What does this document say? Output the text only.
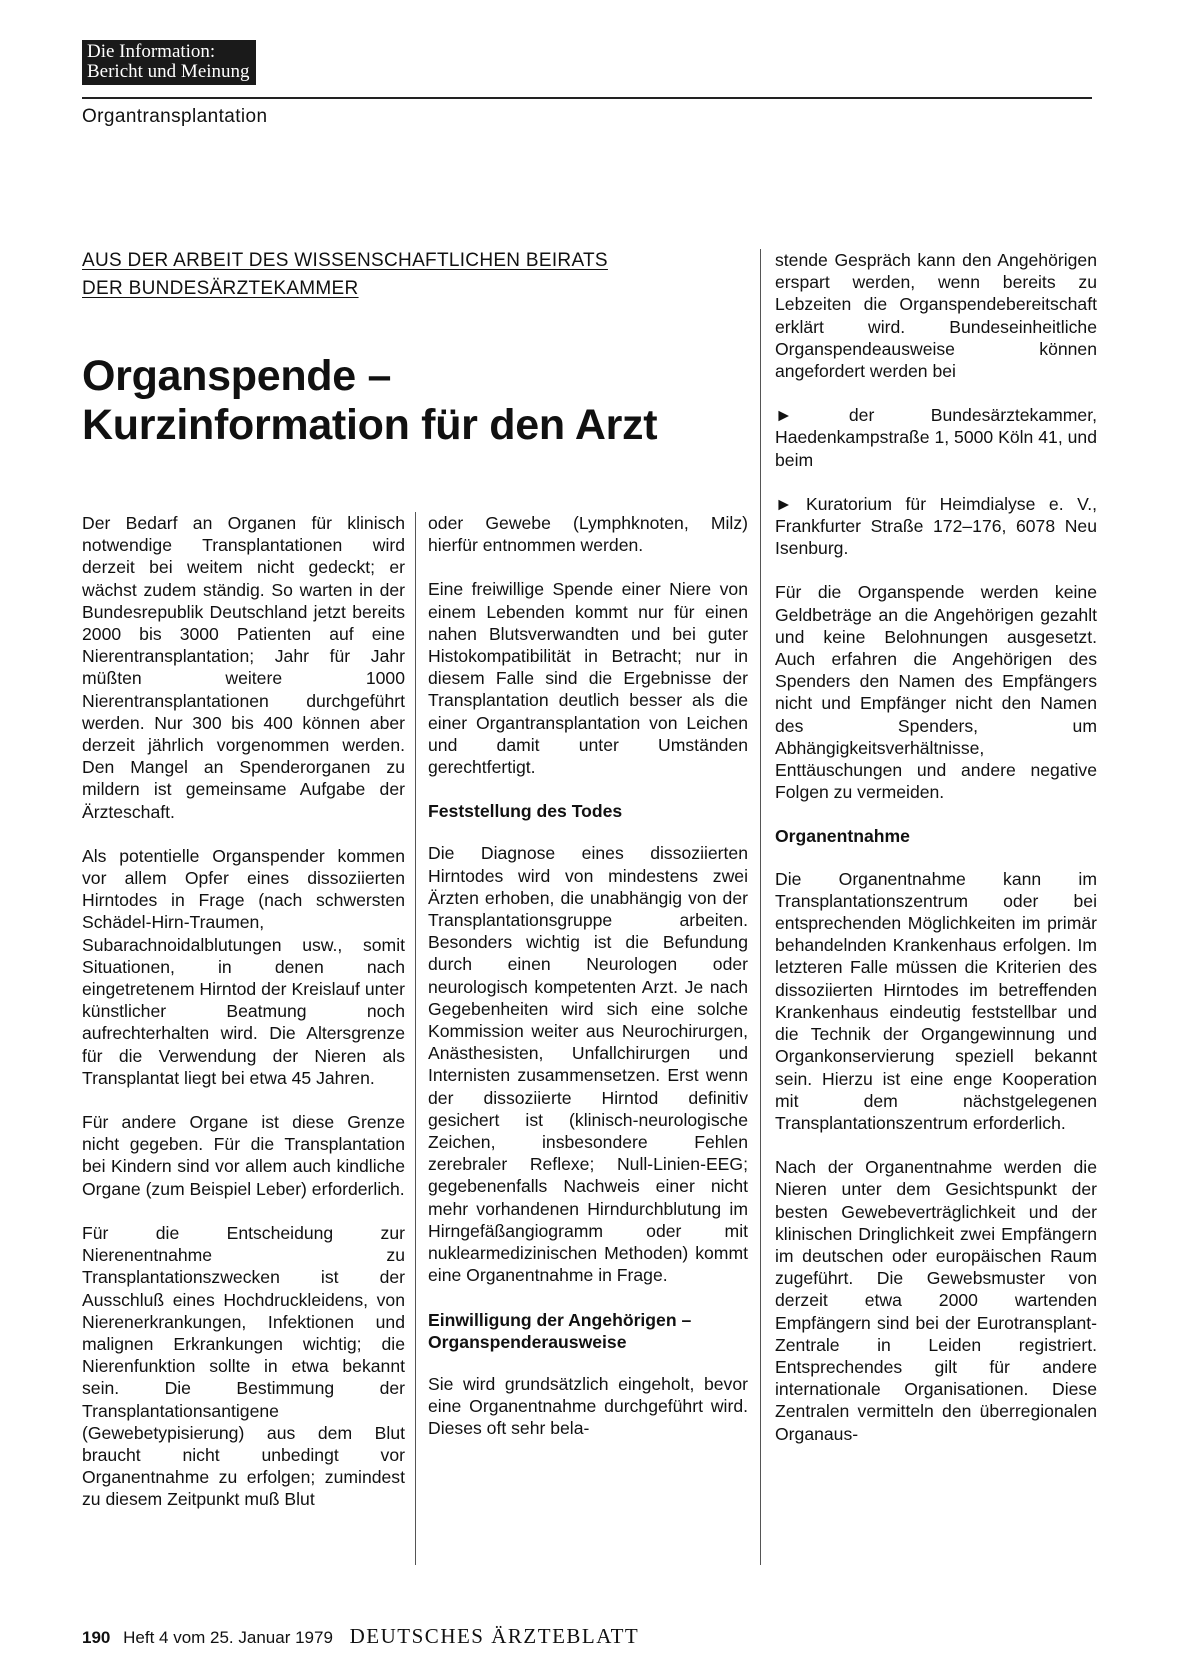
Die Information:
Bericht und Meinung
Organtransplantation
AUS DER ARBEIT DES WISSENSCHAFTLICHEN BEIRATS
DER BUNDESÄRZTEKAMMER
Organspende –
Kurzinformation für den Arzt

Der Bedarf an Organen für klinisch notwendige Transplantationen wird derzeit bei weitem nicht gedeckt; er wächst zudem ständig. So warten in der Bundesrepublik Deutschland jetzt bereits 2000 bis 3000 Patienten auf eine Nierentransplantation; Jahr für Jahr müßten weitere 1000 Nierentransplantationen durchgeführt werden. Nur 300 bis 400 können aber derzeit jährlich vorgenommen werden. Den Mangel an Spenderorganen zu mildern ist gemeinsame Aufgabe der Ärzteschaft.

Als potentielle Organspender kommen vor allem Opfer eines dissoziierten Hirntodes in Frage (nach schwersten Schädel-Hirn-Traumen, Subarachnoidalblutungen usw., somit Situationen, in denen nach eingetretenem Hirntod der Kreislauf unter künstlicher Beatmung noch aufrechterhalten wird. Die Altersgrenze für die Verwendung der Nieren als Transplantat liegt bei etwa 45 Jahren.

Für andere Organe ist diese Grenze nicht gegeben. Für die Transplantation bei Kindern sind vor allem auch kindliche Organe (zum Beispiel Leber) erforderlich.

Für die Entscheidung zur Nierenentnahme zu Transplantationszwecken ist der Ausschluß eines Hochdruckleidens, von Nierenerkrankungen, Infektionen und malignen Erkrankungen wichtig; die Nierenfunktion sollte in etwa bekannt sein. Die Bestimmung der Transplantationsantigene (Gewebetypisierung) aus dem Blut braucht nicht unbedingt vor Organentnahme zu erfolgen; zumindest zu diesem Zeitpunkt muß Blut

oder Gewebe (Lymphknoten, Milz) hierfür entnommen werden.

Eine freiwillige Spende einer Niere von einem Lebenden kommt nur für einen nahen Blutsverwandten und bei guter Histokompatibilität in Betracht; nur in diesem Falle sind die Ergebnisse der Transplantation deutlich besser als die einer Organtransplantation von Leichen und damit unter Umständen gerechtfertigt.

Feststellung des Todes

Die Diagnose eines dissoziierten Hirntodes wird von mindestens zwei Ärzten erhoben, die unabhängig von der Transplantationsgruppe arbeiten. Besonders wichtig ist die Befundung durch einen Neurologen oder neurologisch kompetenten Arzt. Je nach Gegebenheiten wird sich eine solche Kommission weiter aus Neurochirurgen, Anästhesisten, Unfallchirurgen und Internisten zusammensetzen. Erst wenn der dissoziierte Hirntod definitiv gesichert ist (klinisch-neurologische Zeichen, insbesondere Fehlen zerebraler Reflexe; Null-Linien-EEG; gegebenenfalls Nachweis einer nicht mehr vorhandenen Hirndurchblutung im Hirngefäßangiogramm oder mit nuklearmedizinischen Methoden) kommt eine Organentnahme in Frage.

Einwilligung der Angehörigen –
Organspenderausweise

Sie wird grundsätzlich eingeholt, bevor eine Organentnahme durchgeführt wird. Dieses oft sehr bela-

stende Gespräch kann den Angehörigen erspart werden, wenn bereits zu Lebzeiten die Organspendebereitschaft erklärt wird. Bundeseinheitliche Organspendeausweise können angefordert werden bei

►	der Bundesärztekammer, Haedenkampstraße 1, 5000 Köln 41, und beim

► Kuratorium für Heimdialyse e. V., Frankfurter Straße 172–176, 6078 Neu Isenburg.

Für die Organspende werden keine Geldbeträge an die Angehörigen gezahlt und keine Belohnungen ausgesetzt. Auch erfahren die Angehörigen des Spenders den Namen des Empfängers nicht und Empfänger nicht den Namen des Spenders, um Abhängigkeitsverhältnisse, Enttäuschungen und andere negative Folgen zu vermeiden.

Organentnahme

Die Organentnahme kann im Transplantationszentrum oder bei entsprechenden Möglichkeiten im primär behandelnden Krankenhaus erfolgen. Im letzteren Falle müssen die Kriterien des dissoziierten Hirntodes im betreffenden Krankenhaus eindeutig feststellbar und die Technik der Organgewinnung und Organkonservierung speziell bekannt sein. Hierzu ist eine enge Kooperation mit dem nächstgelegenen Transplantationszentrum erforderlich.

Nach der Organentnahme werden die Nieren unter dem Gesichtspunkt der besten Gewebeverträglichkeit und der klinischen Dringlichkeit zwei Empfängern im deutschen oder europäischen Raum zugeführt. Die Gewebsmuster von derzeit etwa 2000 wartenden Empfängern sind bei der Eurotransplant-Zentrale in Leiden registriert. Entsprechendes gilt für andere internationale Organisationen. Diese Zentralen vermitteln den überregionalen Organaus-

190 Heft 4 vom 25. Januar 1979 DEUTSCHES ÄRZTEBLATT
